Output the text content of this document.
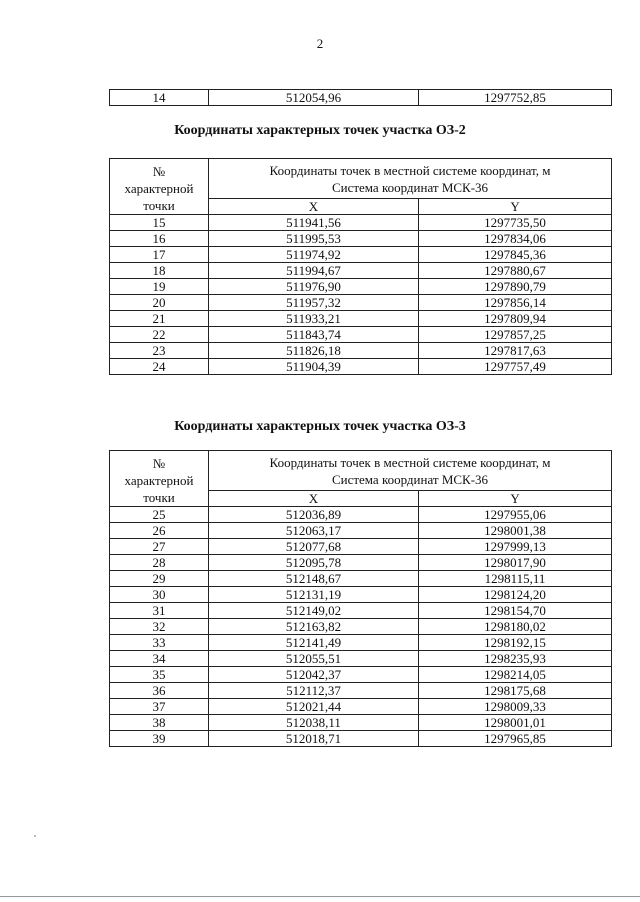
2
14	512054,96	1297752,85
Координаты характерных точек участка ОЗ-2
№
характерной
точки	Координаты точек в местной системе координат, м
Система координат МСК-36	
	X	Y
15	511941,56	1297735,50
16	511995,53	1297834,06
17	511974,92	1297845,36
18	511994,67	1297880,67
19	511976,90	1297890,79
20	511957,32	1297856,14
21	511933,21	1297809,94
22	511843,74	1297857,25
23	511826,18	1297817,63
24	511904,39	1297757,49
Координаты характерных точек участка ОЗ-3
№
характерной
точки	Координаты точек в местной системе координат, м
Система координат МСК-36	
	X	Y
25	512036,89	1297955,06
26	512063,17	1298001,38
27	512077,68	1297999,13
28	512095,78	1298017,90
29	512148,67	1298115,11
30	512131,19	1298124,20
31	512149,02	1298154,70
32	512163,82	1298180,02
33	512141,49	1298192,15
34	512055,51	1298235,93
35	512042,37	1298214,05
36	512112,37	1298175,68
37	512021,44	1298009,33
38	512038,11	1298001,01
39	512018,71	1297965,85
